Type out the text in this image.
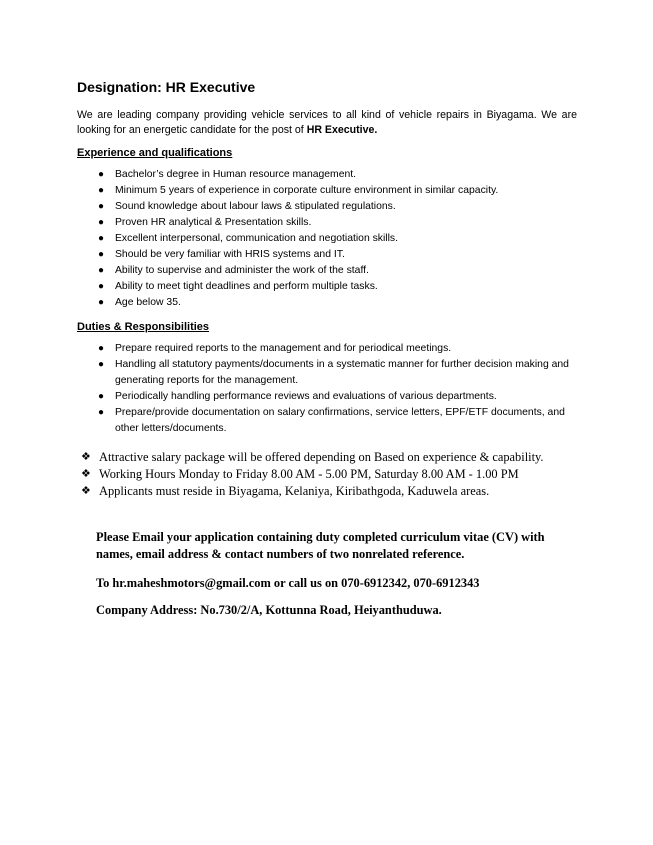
Designation: HR Executive

We are leading company providing vehicle services to all kind of vehicle repairs in Biyagama. We are looking for an energetic candidate for the post of HR Executive.

Experience and qualifications
● Bachelor’s degree in Human resource management.
● Minimum 5 years of experience in corporate culture environment in similar capacity.
● Sound knowledge about labour laws & stipulated regulations.
● Proven HR analytical & Presentation skills.
● Excellent interpersonal, communication and negotiation skills.
● Should be very familiar with HRIS systems and IT.
● Ability to supervise and administer the work of the staff.
● Ability to meet tight deadlines and perform multiple tasks.
● Age below 35.
Duties & Responsibilities
● Prepare required reports to the management and for periodical meetings.
● Handling all statutory payments/documents in a systematic manner for further decision making and generating reports for the management.
● Periodically handling performance reviews and evaluations of various departments.
● Prepare/provide documentation on salary confirmations, service letters, EPF/ETF documents, and other letters/documents.
❖ Attractive salary package will be offered depending on Based on experience & capability.
❖ Working Hours Monday to Friday 8.00 AM - 5.00 PM, Saturday 8.00 AM - 1.00 PM
❖ Applicants must reside in Biyagama, Kelaniya, Kiribathgoda, Kaduwela areas.
Please Email your application containing duty completed curriculum vitae (CV) with names, email address & contact numbers of two nonrelated reference.
To hr.maheshmotors@gmail.com or call us on 070-6912342, 070-6912343
Company Address: No.730/2/A, Kottunna Road, Heiyanthuduwa.
